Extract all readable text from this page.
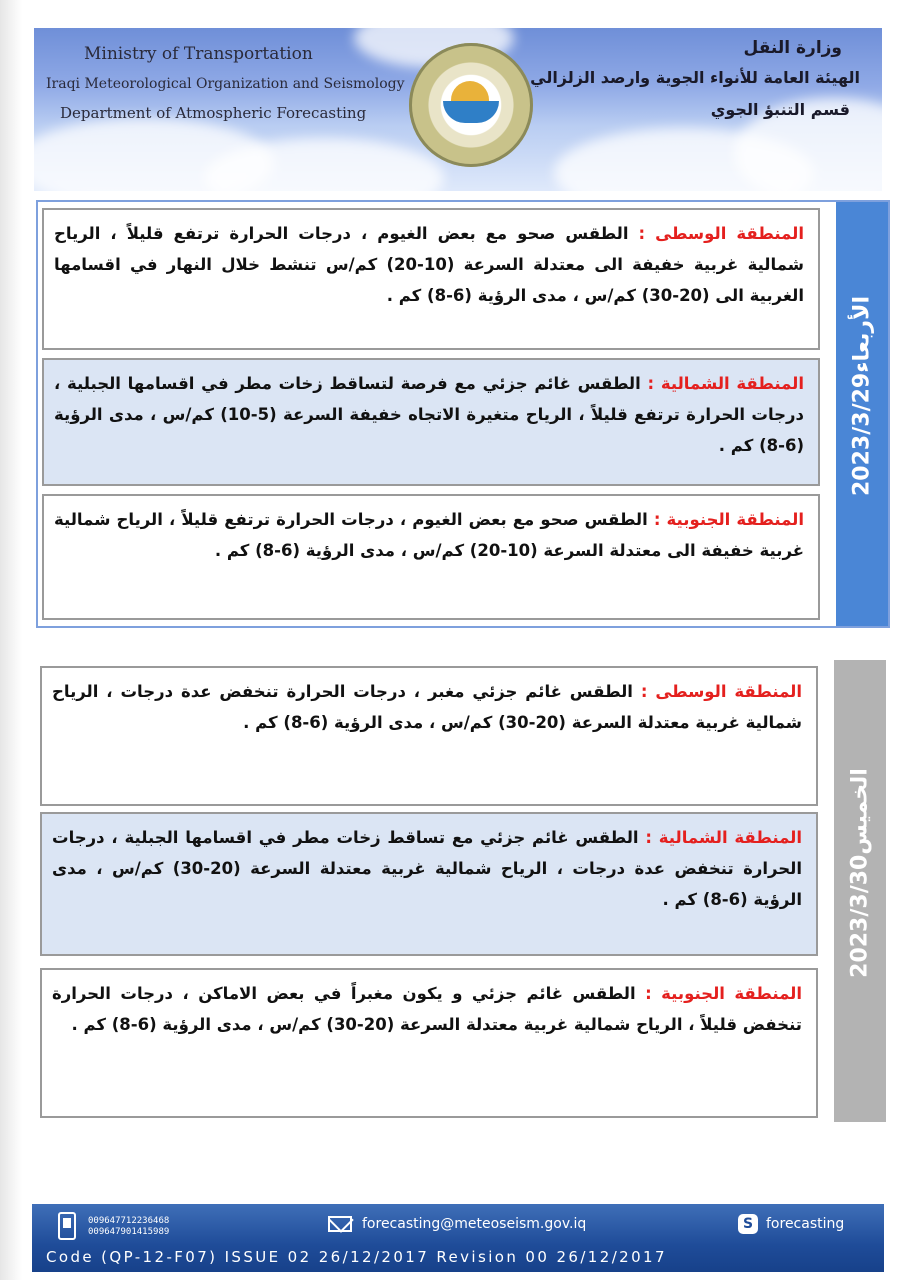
Ministry of Transportation
Iraqi Meteorological Organization and Seismology
Department of Atmospheric Forecasting
وزارة النقل
الهيئة العامة للأنواء الجوية وارصد الزلزالي
قسم التنبؤ الجوي
المنطقة الوسطى : الطقس صحو مع بعض الغيوم ، درجات الحرارة ترتفع قليلاً ، الرياح شمالية غربية خفيفة الى معتدلة السرعة (10-20) كم/س تنشط خلال النهار في اقسامها الغربية الى (20-30) كم/س ، مدى الرؤية (6-8) كم .
المنطقة الشمالية : الطقس غائم جزئي مع فرصة لتساقط زخات مطر في اقسامها الجبلية ، درجات الحرارة ترتفع قليلاً ، الرياح متغيرة الاتجاه خفيفة السرعة (5-10) كم/س ، مدى الرؤية (6-8) كم .
المنطقة الجنوبية : الطقس صحو مع بعض الغيوم ، درجات الحرارة ترتفع قليلاً ، الرياح شمالية غربية خفيفة الى معتدلة السرعة (10-20) كم/س ، مدى الرؤية (6-8) كم .
الأربعاء2023/3/29
المنطقة الوسطى : الطقس غائم جزئي مغبر ، درجات الحرارة تنخفض عدة درجات ، الرياح شمالية غربية معتدلة السرعة (20-30) كم/س ، مدى الرؤية (6-8) كم .
المنطقة الشمالية : الطقس غائم جزئي مع تساقط زخات مطر في اقسامها الجبلية ، درجات الحرارة تنخفض عدة درجات ، الرياح شمالية غربية معتدلة السرعة (20-30) كم/س ، مدى الرؤية (6-8) كم .
المنطقة الجنوبية : الطقس غائم جزئي و يكون مغبراً في بعض الاماكن ، درجات الحرارة تنخفض قليلاً ، الرياح شمالية غربية معتدلة السرعة (20-30) كم/س ، مدى الرؤية (6-8) كم .
الخميس2023/3/30
009647712236468
009647901415989	forecasting@meteoseism.gov.iq	S forecasting
Code (QP-12-F07) ISSUE 02 26/12/2017 Revision 00 26/12/2017
